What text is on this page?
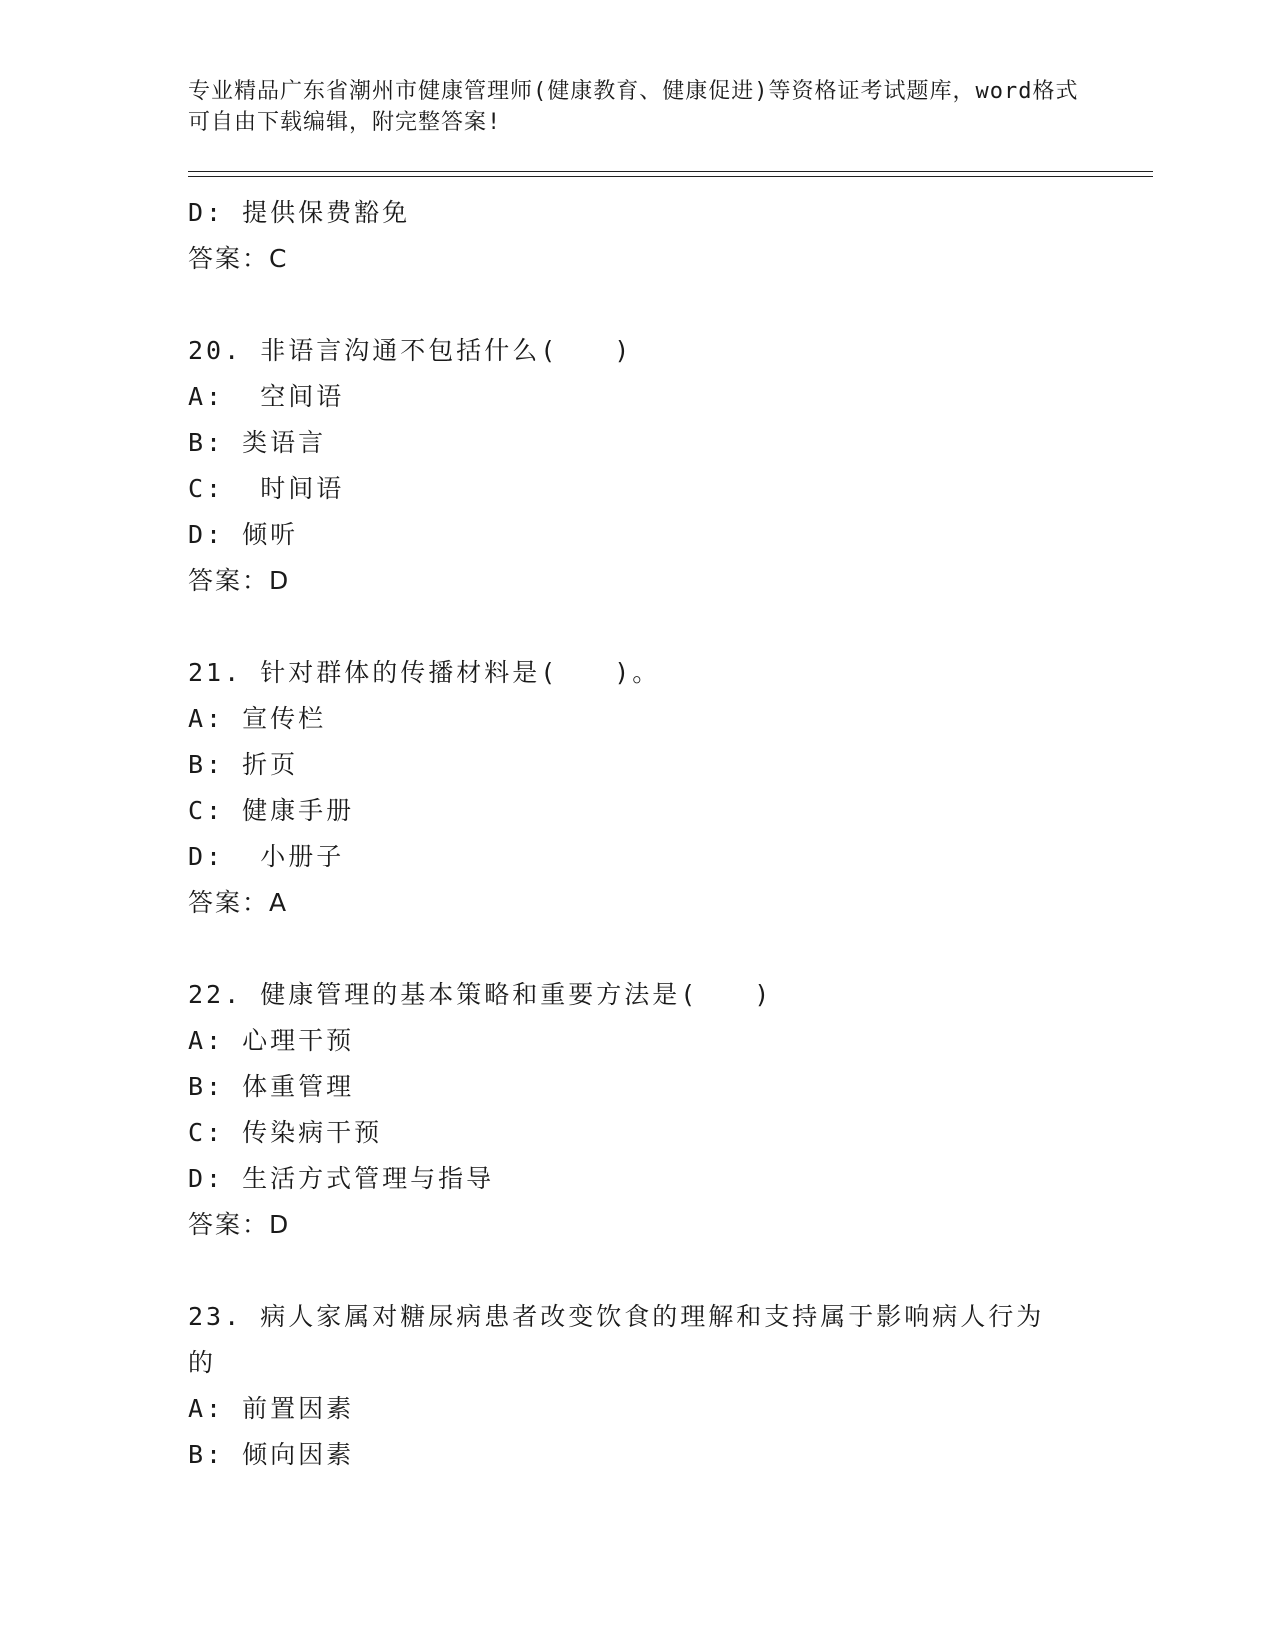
专业精品广东省潮州市健康管理师(健康教育、健康促进)等资格证考试题库，word格式可自由下载编辑，附完整答案!
D: 提供保费豁免
答案：C
20. 非语言沟通不包括什么(　　)
A:  空间语
B: 类语言
C:  时间语
D: 倾听
答案：D
21. 针对群体的传播材料是(　　)。
A: 宣传栏
B: 折页
C: 健康手册
D:  小册子
答案：A
22. 健康管理的基本策略和重要方法是(　　)
A: 心理干预
B: 体重管理
C: 传染病干预
D: 生活方式管理与指导
答案：D
23. 病人家属对糖尿病患者改变饮食的理解和支持属于影响病人行为的
A: 前置因素
B: 倾向因素
